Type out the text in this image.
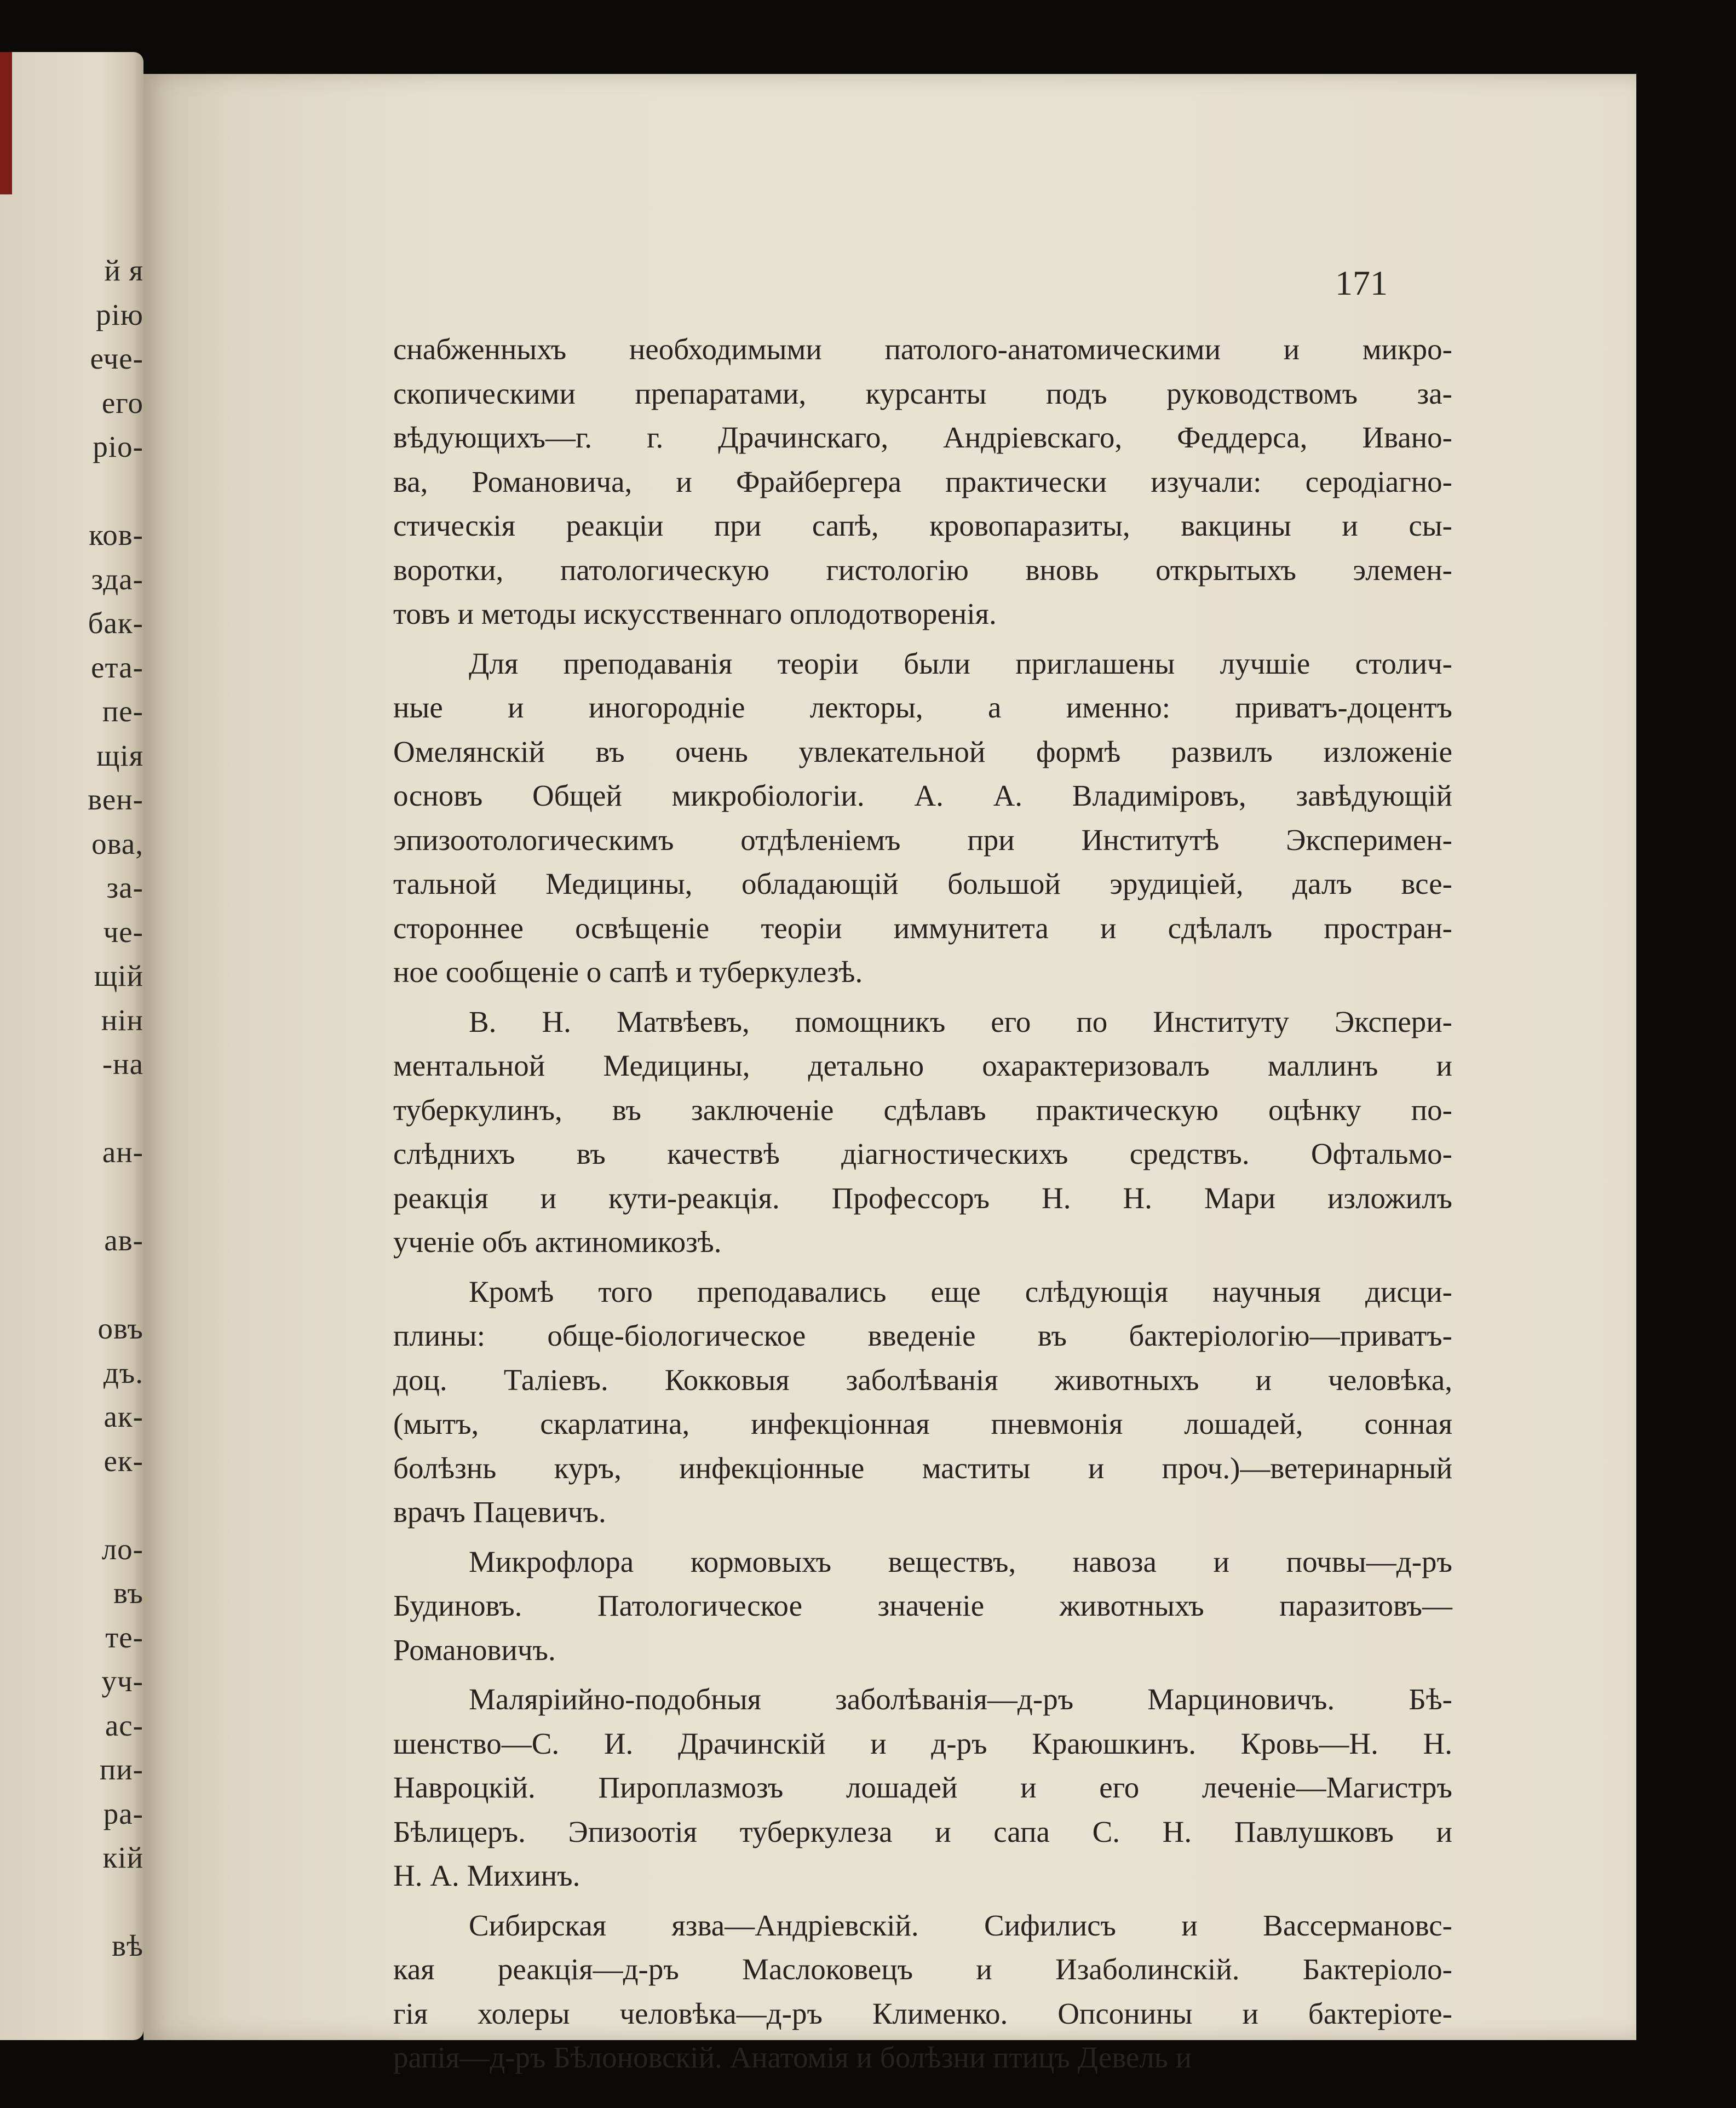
й я
рію
ече-
его
ріо-
ков-
зда-
бак-
ета-
пе-
щія
вен-
ова,
за-
че-
щій
нін
-на
ан-
ав-
овъ
дъ.
ак-
ек-
ло-
въ
те-
уч-
ас-
пи-
ра-
кій
вѣ
171
снабженныхъ необходимыми патолого-анатомическими и микро-
скопическими препаратами, курсанты подъ руководствомъ за-
вѣдующихъ—г. г. Драчинскаго, Андріевскаго, Феддерса, Ивано-
ва, Романовича, и Фрайбергера практически изучали: серодіагно-
стическія реакціи при сапѣ, кровопаразиты, вакцины и сы-
воротки, патологическую гистологію вновь открытыхъ элемен-
товъ и методы искусственнаго оплодотворенія.
Для преподаванія теоріи были приглашены лучшіе столич-
ные и иногородніе лекторы, а именно: приватъ-доцентъ
Омелянскій въ очень увлекательной формѣ развилъ изложеніе
основъ Общей микробіологіи. А. А. Владиміровъ, завѣдующій
эпизоотологическимъ отдѣленіемъ при Институтѣ Эксперимен-
тальной Медицины, обладающій большой эрудиціей, далъ все-
стороннее освѣщеніе теоріи иммунитета и сдѣлалъ простран-
ное сообщеніе о сапѣ и туберкулезѣ.
В. Н. Матвѣевъ, помощникъ его по Институту Экспери-
ментальной Медицины, детально охарактеризовалъ маллинъ и
туберкулинъ, въ заключеніе сдѣлавъ практическую оцѣнку по-
слѣднихъ въ качествѣ діагностическихъ средствъ. Офтальмо-
реакція и кути-реакція. Профессоръ Н. Н. Мари изложилъ
ученіе объ актиномикозѣ.
Кромѣ того преподавались еще слѣдующія научныя дисци-
плины: обще-біологическое введеніе въ бактеріологію—приватъ-
доц. Таліевъ. Кокковыя заболѣванія животныхъ и человѣка,
(мытъ, скарлатина, инфекціонная пневмонія лошадей, сонная
болѣзнь куръ, инфекціонные маститы и проч.)—ветеринарный
врачъ Пацевичъ.
Микрофлора кормовыхъ веществъ, навоза и почвы—д-ръ
Будиновъ. Патологическое значеніе животныхъ паразитовъ—
Романовичъ.
Маляріийно-подобныя заболѣванія—д-ръ Марциновичъ. Бѣ-
шенство—С. И. Драчинскій и д-ръ Краюшкинъ. Кровь—Н. Н.
Навроцкій. Пироплазмозъ лошадей и его леченіе—Магистръ
Бѣлицеръ. Эпизоотія туберкулеза и сапа С. Н. Павлушковъ и
Н. А. Михинъ.
Сибирская язва—Андріевскій. Сифилисъ и Вассермановс-
кая реакція—д-ръ Маслоковецъ и Изаболинскій. Бактеріоло-
гія холеры человѣка—д-ръ Клименко. Опсонины и бактеріоте-
рапія—д-ръ Бѣлоновскій. Анатомія и болѣзни птицъ Девель и
